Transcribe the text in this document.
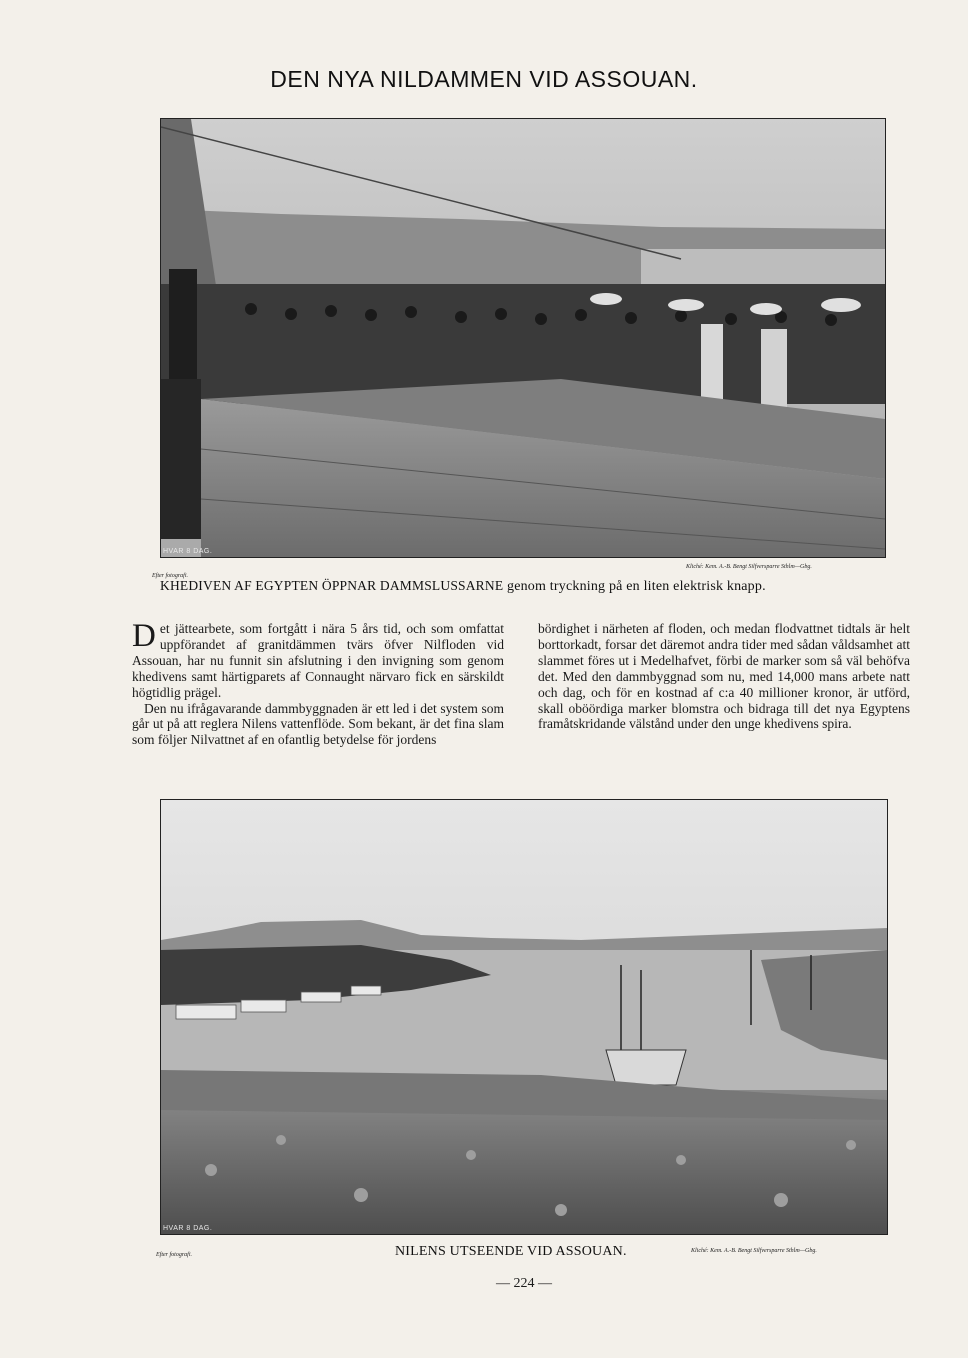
DEN NYA NILDAMMEN VID ASSOUAN.
HVAR 8 DAG.
Efter fotografi.
Kliché: Kem. A.-B. Bengt Silfversparre Sthlm—Gbg.
KHEDIVEN AF EGYPTEN ÖPPNAR DAMMSLUSSARNE genom tryckning på en liten elektrisk knapp.

Det jättearbete, som fortgått i nära 5 års tid, och som omfattat uppförandet af granitdämmen tvärs öfver Nilfloden vid Assouan, har nu funnit sin afslutning i den invigning som genom khedivens samt härtigparets af Connaught närvaro fick en särskildt högtidlig prägel.

Den nu ifrågavarande dammbyggnaden är ett led i det system som går ut på att reglera Nilens vattenflöde. Som bekant, är det fina slam som följer Nilvattnet af en ofantlig betydelse för jordens

bördighet i närheten af floden, och medan flodvattnet tidtals är helt borttorkadt, forsar det däremot andra tider med sådan våldsamhet att slammet föres ut i Medelhafvet, förbi de marker som så väl behöfva det. Med den dammbyggnad som nu, med 14,000 mans arbete natt och dag, och för en kostnad af c:a 40 millioner kronor, är utförd, skall oböördiga marker blomstra och bidraga till det nya Egyptens framåtskridande välstånd under den unge khedivens spira.

HVAR 8 DAG.
Efter fotografi.	NILENS UTSEENDE VID ASSOUAN.	Kliché: Kem. A.-B. Bengt Silfversparre Sthlm—Gbg.
— 224 —
